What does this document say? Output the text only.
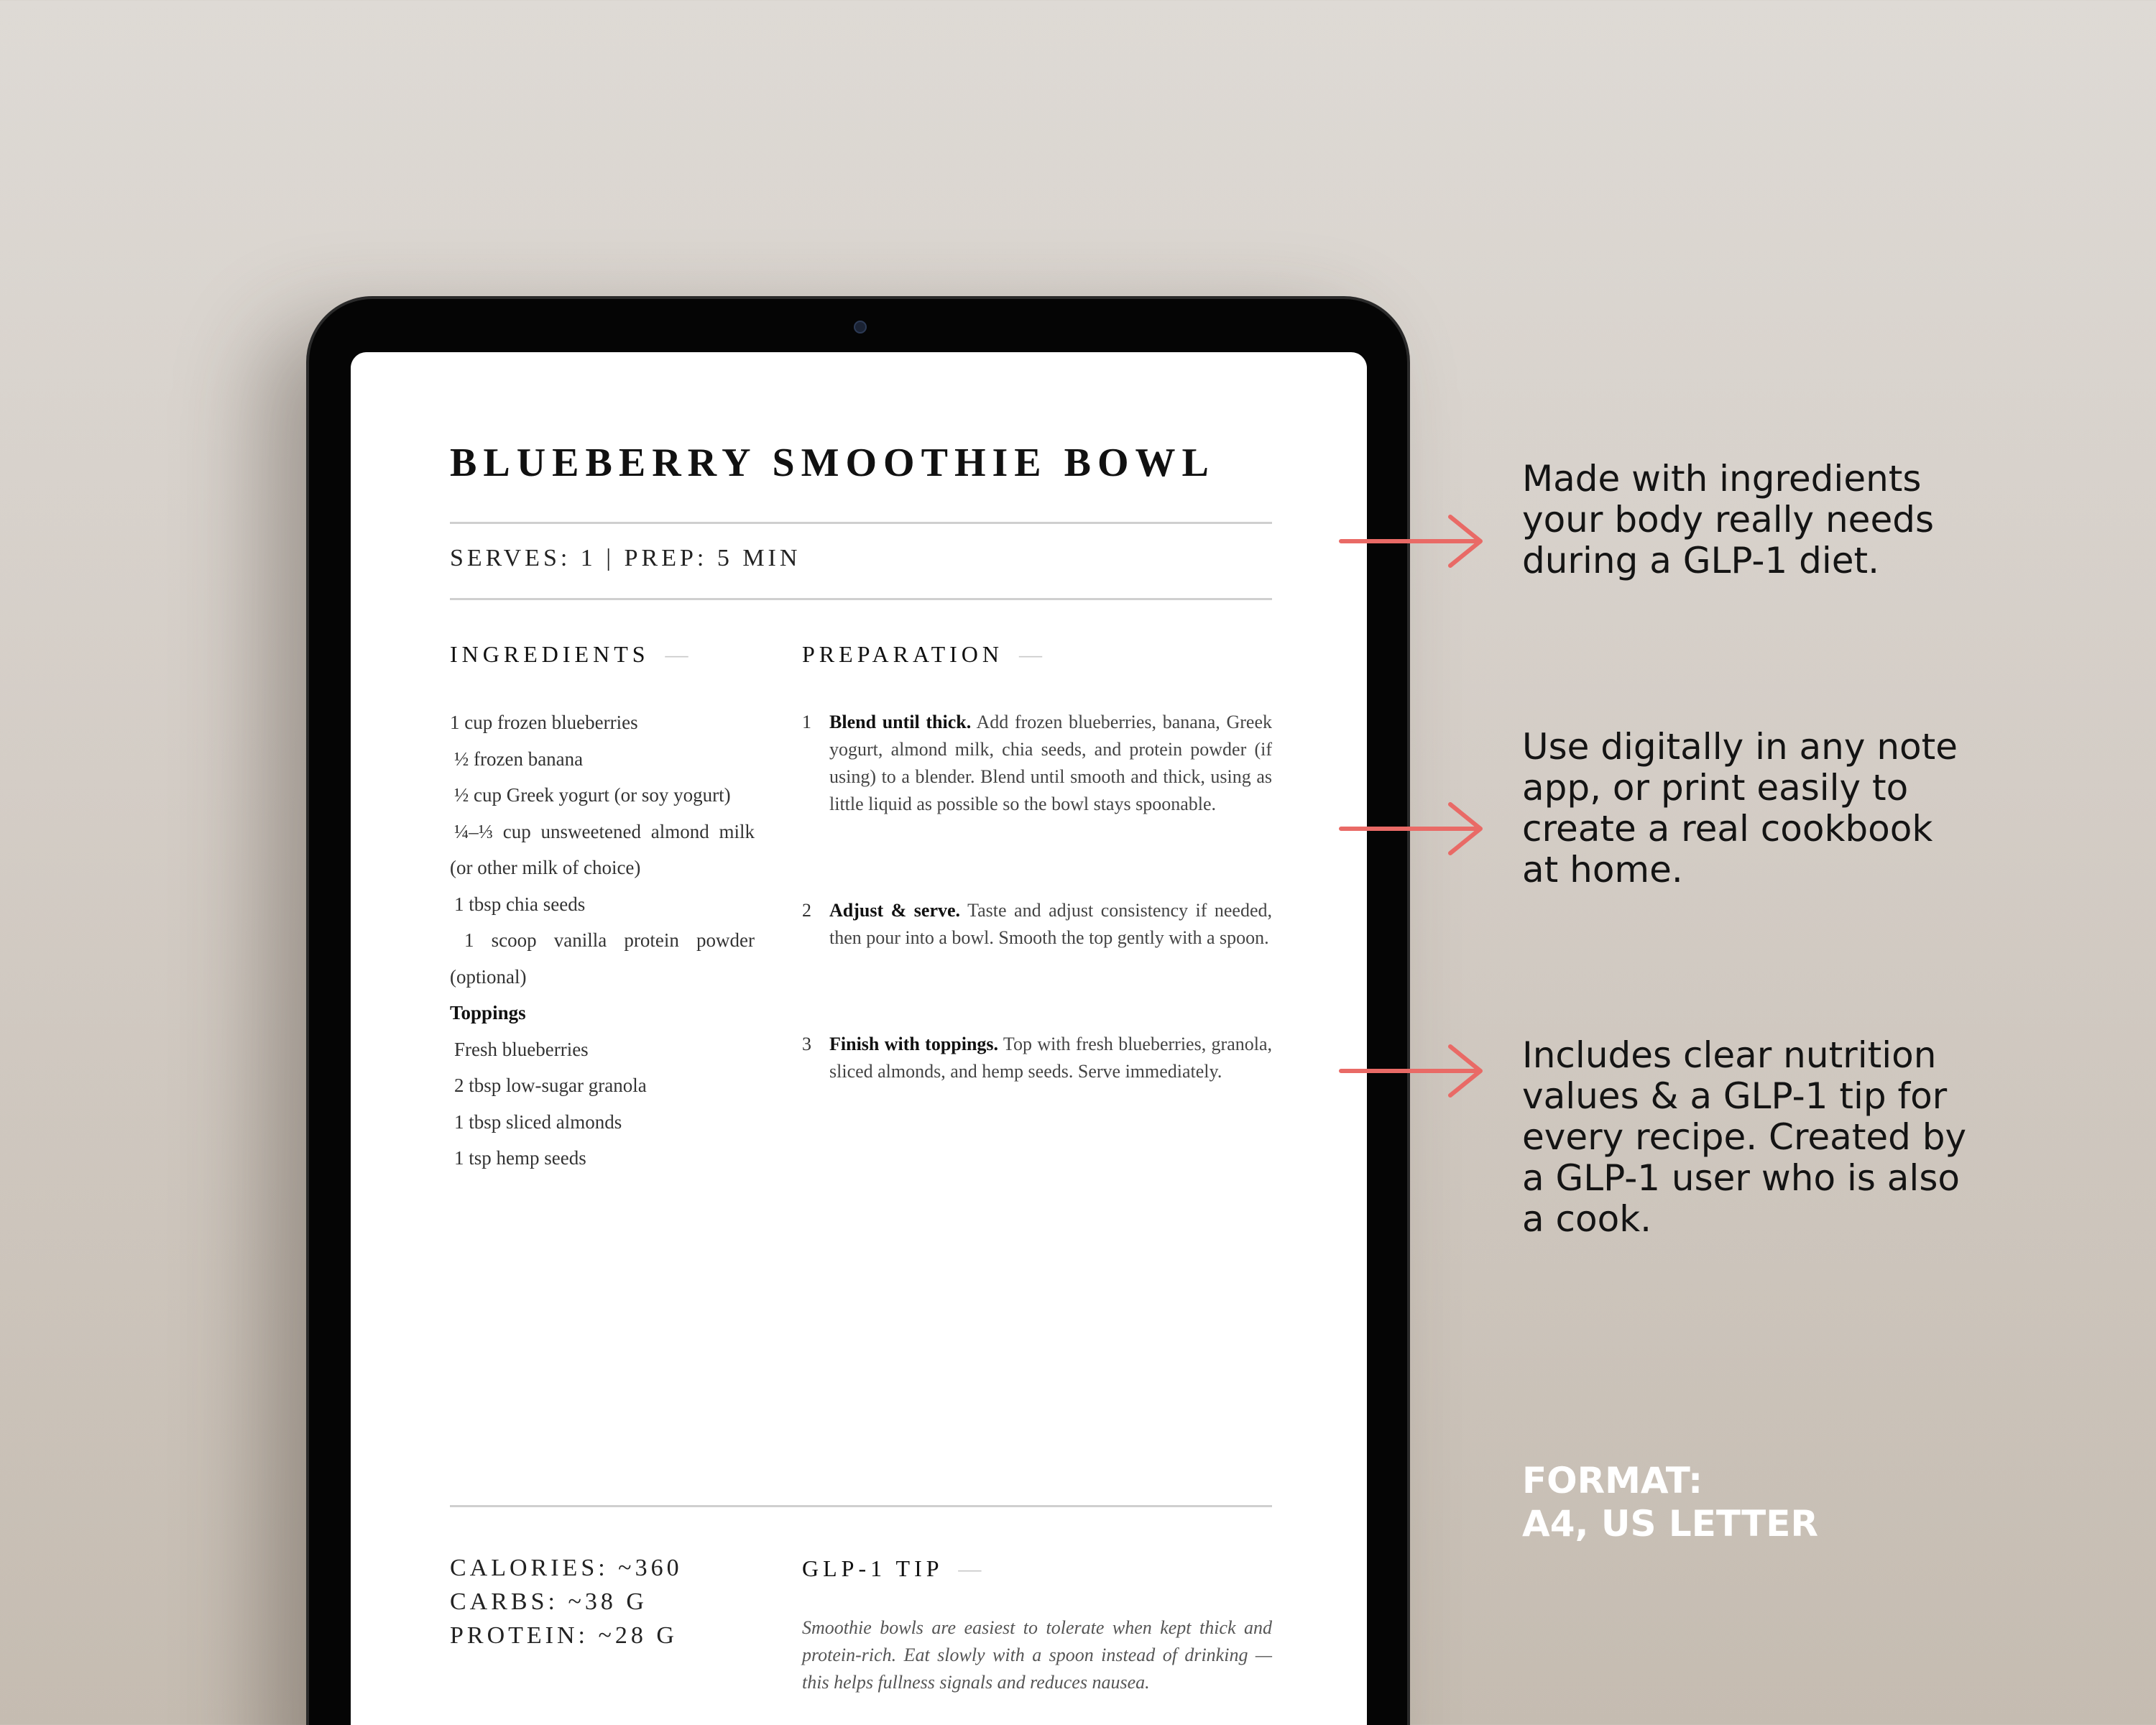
BLUEBERRY SMOOTHIE BOWL
SERVES: 1 | PREP: 5 MIN
INGREDIENTS  —	PREPARATION  —
1 cup frozen blueberries
½ frozen banana
½ cup Greek yogurt (or soy yogurt)
¼–⅓ cup unsweetened almond milk
(or other milk of choice)
1 tbsp chia seeds
1 scoop vanilla protein powder
(optional)
Toppings
Fresh blueberries
2 tbsp low-sugar granola
1 tbsp sliced almonds
1 tsp hemp seeds
1 Blend until thick. Add frozen blueberries, banana, Greek yogurt, almond milk, chia seeds, and protein powder (if using) to a blender. Blend until smooth and thick, using as little liquid as possible so the bowl stays spoonable.

2 Adjust & serve. Taste and adjust consistency if needed, then pour into a bowl. Smooth the top gently with a spoon.

3 Finish with toppings. Top with fresh blueberries, granola, sliced almonds, and hemp seeds. Serve immediately.

CALORIES: ~360
CARBS: ~38 G
PROTEIN: ~28 G
GLP-1 TIP  —

Smoothie bowls are easiest to tolerate when kept thick and protein-rich. Eat slowly with a spoon instead of drinking — this helps fullness signals and reduces nausea.

Made with ingredients your body really needs during a GLP-1 diet.
Use digitally in any note app, or print easily to create a real cookbook at home.
Includes clear nutrition values & a GLP-1 tip for every recipe. Created by a GLP-1 user who is also a cook.
FORMAT:
A4, US LETTER
